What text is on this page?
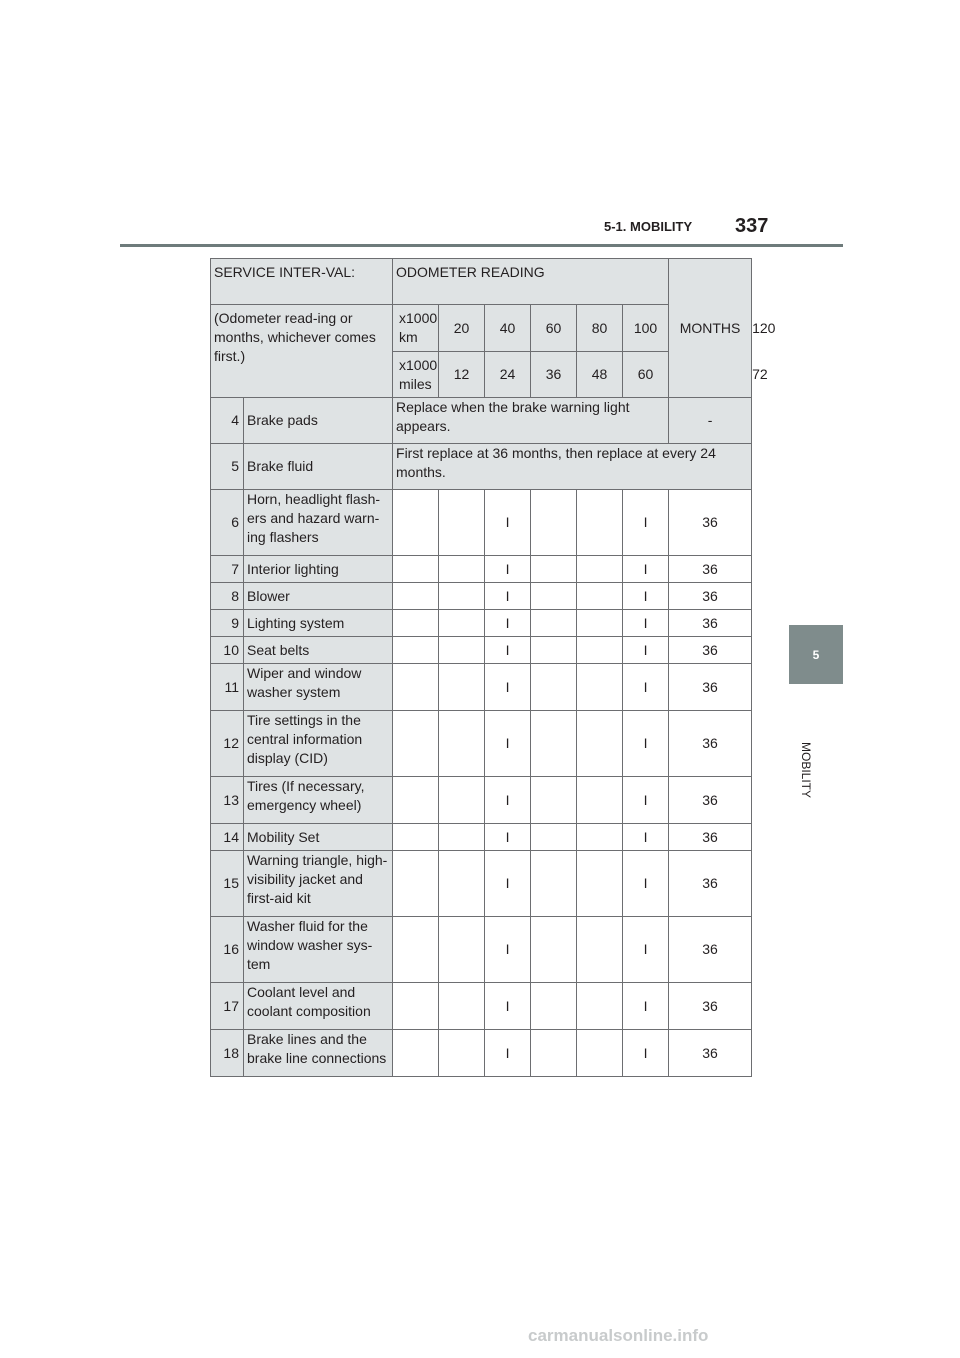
5-1. MOBILITY 337
5
MOBILITY
SERVICE INTER-VAL:		ODOMETER READING						MONTHS	
(Odometer read-ing or months, whichever comes first.)		x1000 km	20	40	60	80	100		120
		x1000 miles	12	24	36	48	60		72
4	Brake pads	Replace when the brake warning light appears.						-	
5	Brake fluid	First replace at 36 months, then replace at every 24 months.							
6	Horn, headlight flash-ers and hazard warn-ing flashers			I			I	36	
7	Interior lighting			I			I	36	
8	Blower			I			I	36	
9	Lighting system			I			I	36	
10	Seat belts			I			I	36	
11	Wiper and window washer system			I			I	36	
12	Tire settings in the central information display (CID)			I			I	36	
13	Tires (If necessary, emergency wheel)			I			I	36	
14	Mobility Set			I			I	36	
15	Warning triangle, high-visibility jacket and first-aid kit			I			I	36	
16	Washer fluid for the window washer sys-tem			I			I	36	
17	Coolant level and coolant composition			I			I	36	
18	Brake lines and the brake line connections			I			I	36	
carmanualsonline.info
